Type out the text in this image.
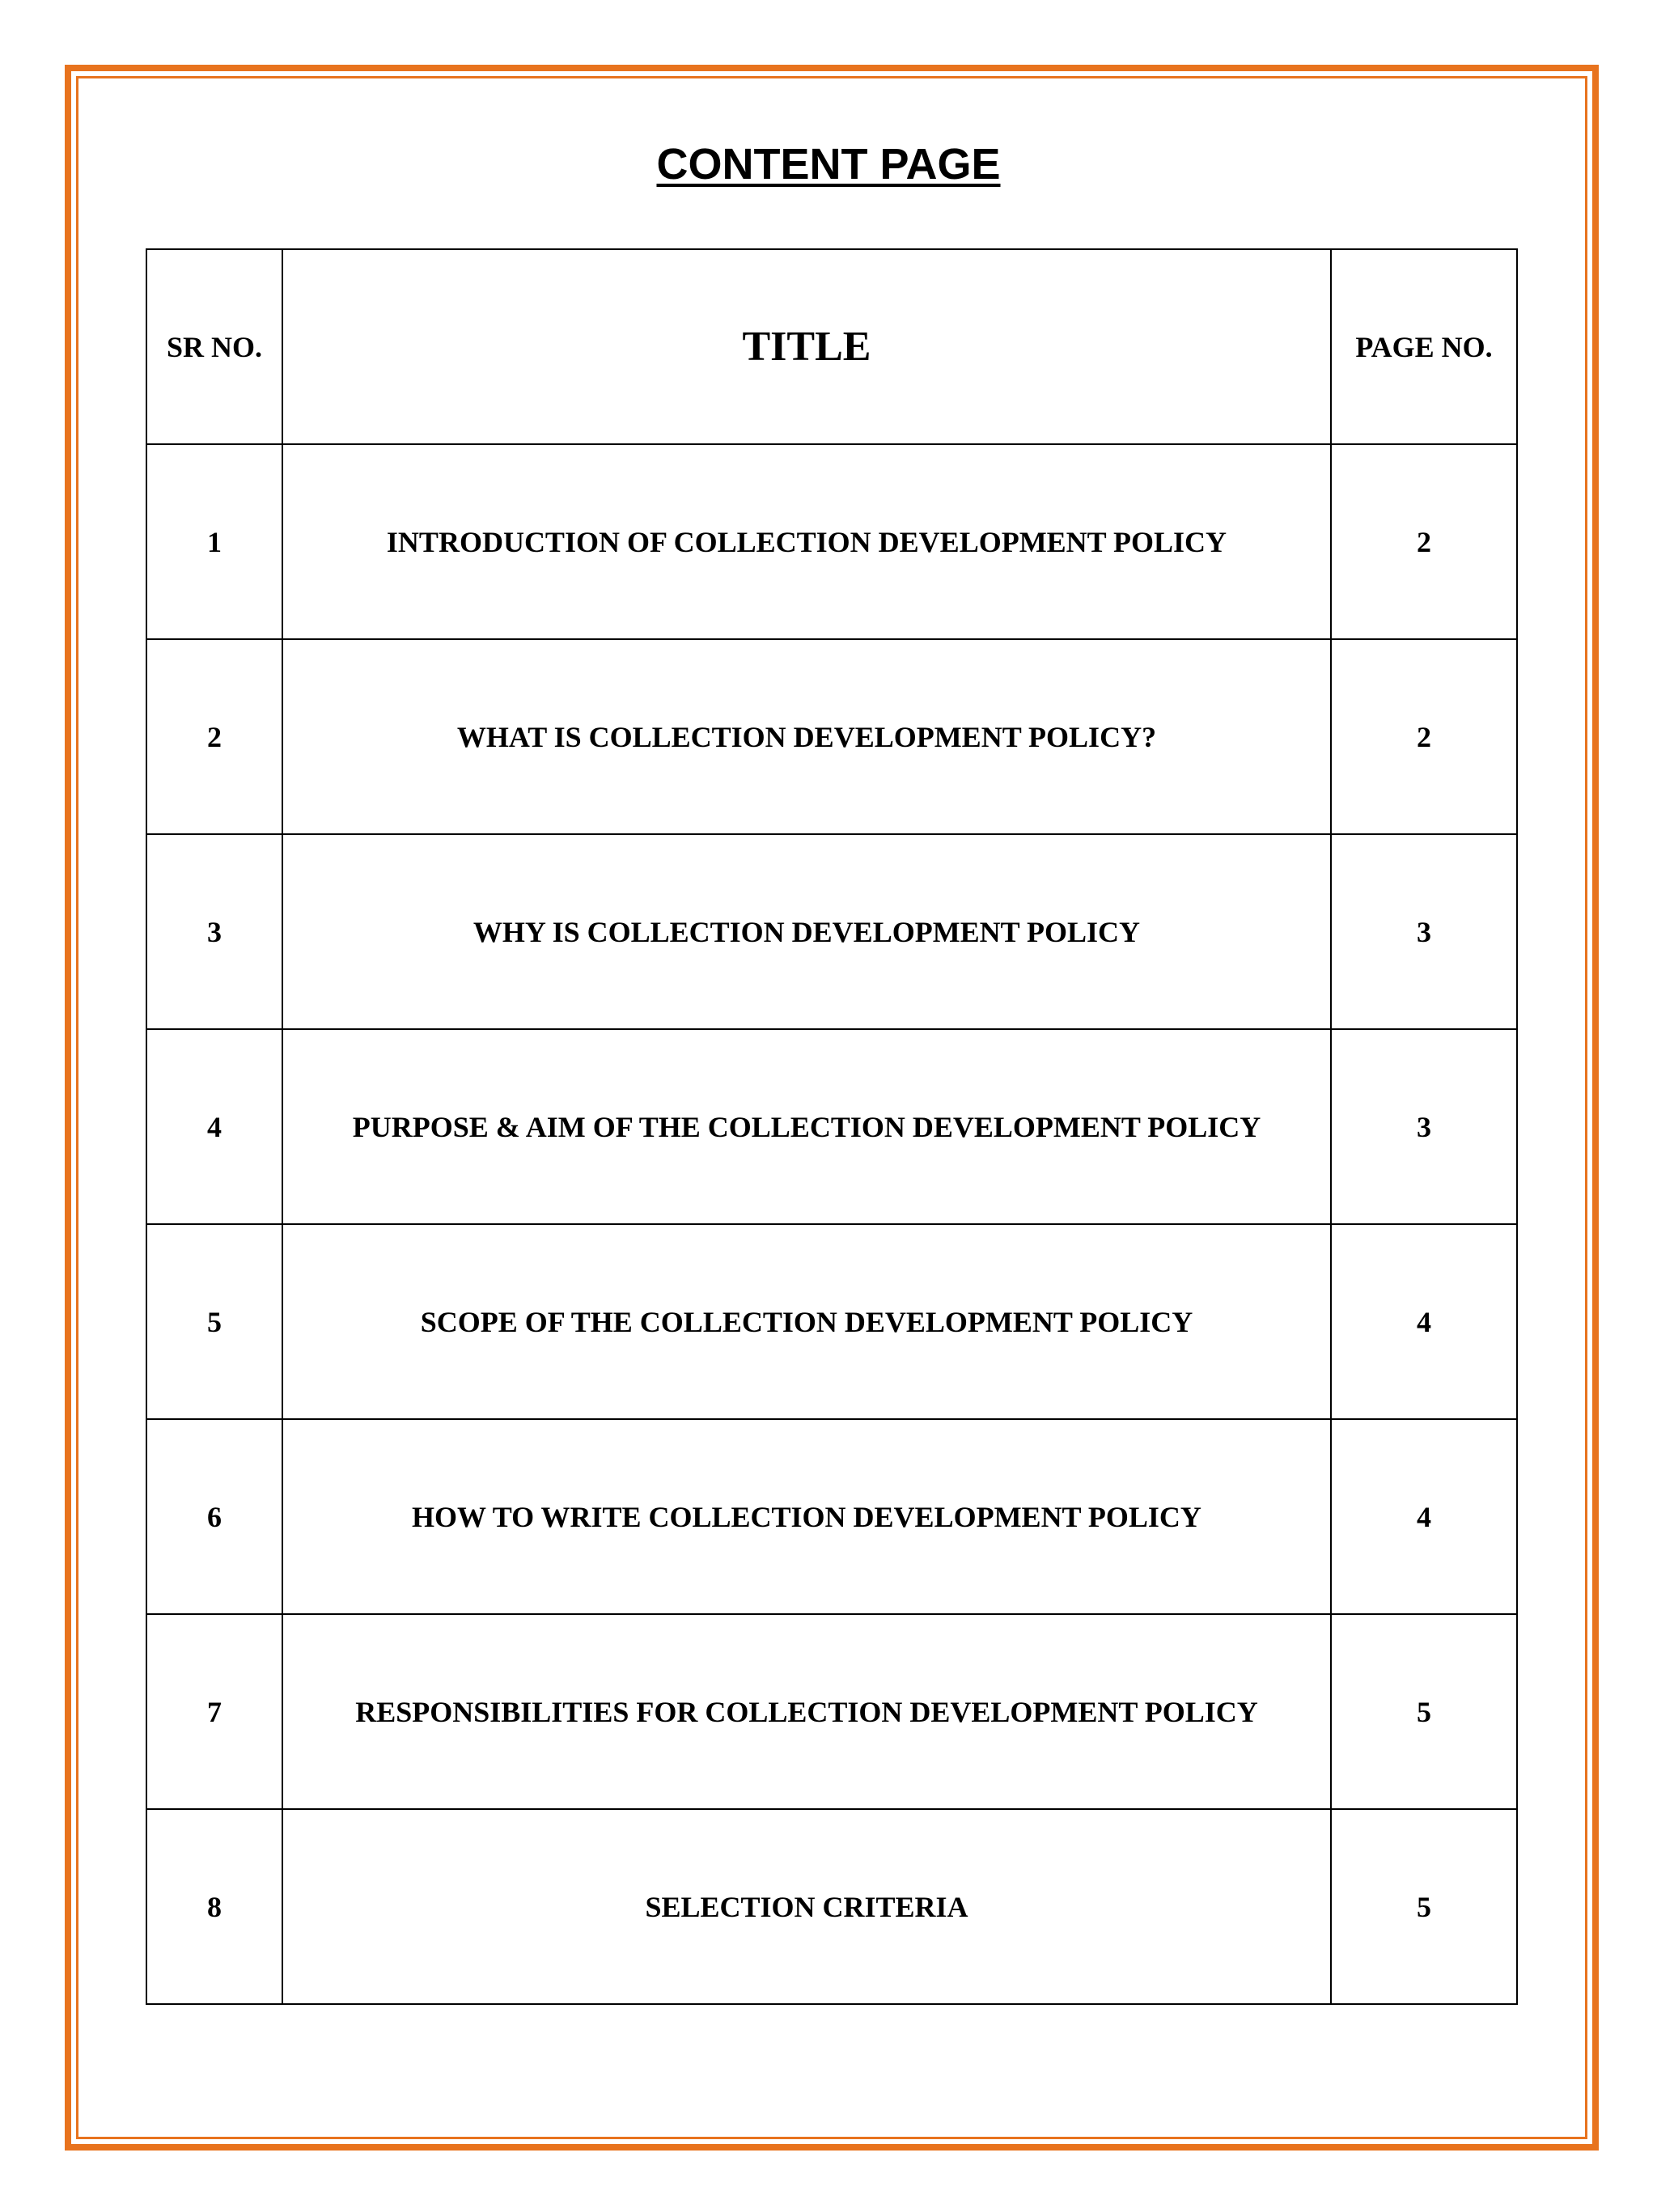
CONTENT PAGE
SR NO.	TITLE	PAGE NO.
1	INTRODUCTION OF COLLECTION DEVELOPMENT POLICY	2
2	WHAT IS COLLECTION DEVELOPMENT POLICY?	2
3	WHY IS COLLECTION DEVELOPMENT POLICY	3
4	PURPOSE & AIM OF THE COLLECTION DEVELOPMENT POLICY	3
5	SCOPE OF THE COLLECTION DEVELOPMENT POLICY	4
6	HOW TO WRITE COLLECTION DEVELOPMENT POLICY	4
7	RESPONSIBILITIES FOR COLLECTION DEVELOPMENT POLICY	5
8	SELECTION CRITERIA	5
